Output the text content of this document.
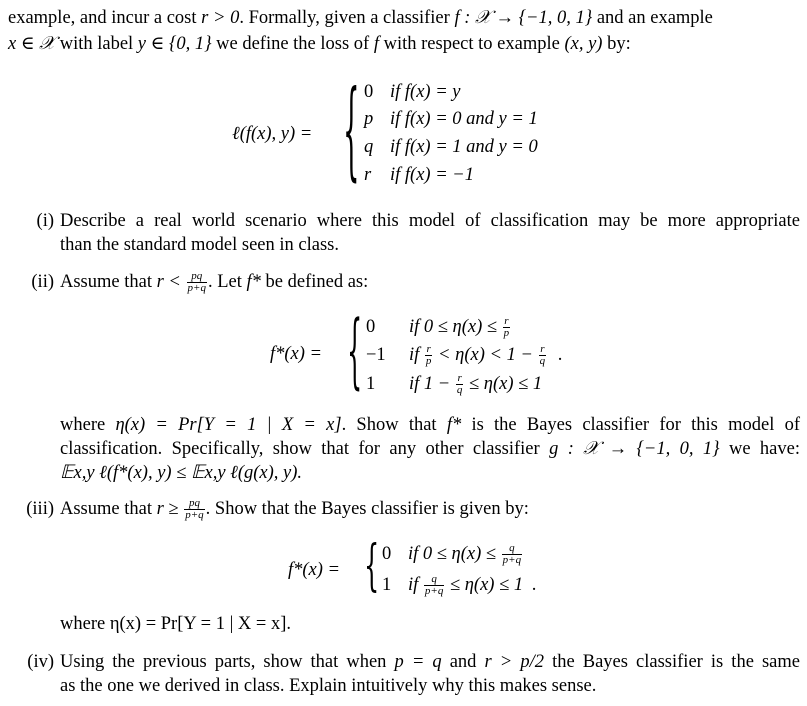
example, and incur a cost r > 0. Formally, given a classifier f : 𝒳 → {−1, 0, 1} and an example
x ∈ 𝒳 with label y ∈ {0, 1} we define the loss of f with respect to example (x, y) by:
ℓ(f(x), y) = { 0 if f(x) = y
p if f(x) = 0 and y = 1
q if f(x) = 1 and y = 0
r if f(x) = −1
(i) Describe a real world scenario where this model of classification may be more appropriate
than the standard model seen in class.
(ii) Assume that $r < \frac{pq}{p+q}$ . Let f* be defined as:
f*(x) = { 0 if $0 \le \eta(x) \le \frac{r}{p}$
−1 if $\frac{r}{p} < \eta(x) < 1 - \frac{r}{q}$ .
1 if $1 - \frac{r}{q} \le \eta(x) \le 1$
where η(x) = Pr[Y = 1 | X = x]. Show that f* is the Bayes classifier for this model of
classification. Specifically, show that for any other classifier g : 𝒳 → {−1, 0, 1} we have:
𝔼x,y ℓ(f*(x), y) ≤ 𝔼x,y ℓ(g(x), y).
(iii) Assume that $r \ge \frac{pq}{p+q}$ . Show that the Bayes classifier is given by:
f*(x) = { 0 if $0 \le \eta(x) \le \frac{q}{p+q}$
1 if $\frac{q}{p+q} \le \eta(x) \le 1$ .
where η(x) = Pr[Y = 1 | X = x].
(iv) Using the previous parts, show that when p = q and r > p/2 the Bayes classifier is the same
as the one we derived in class. Explain intuitively why this makes sense.
